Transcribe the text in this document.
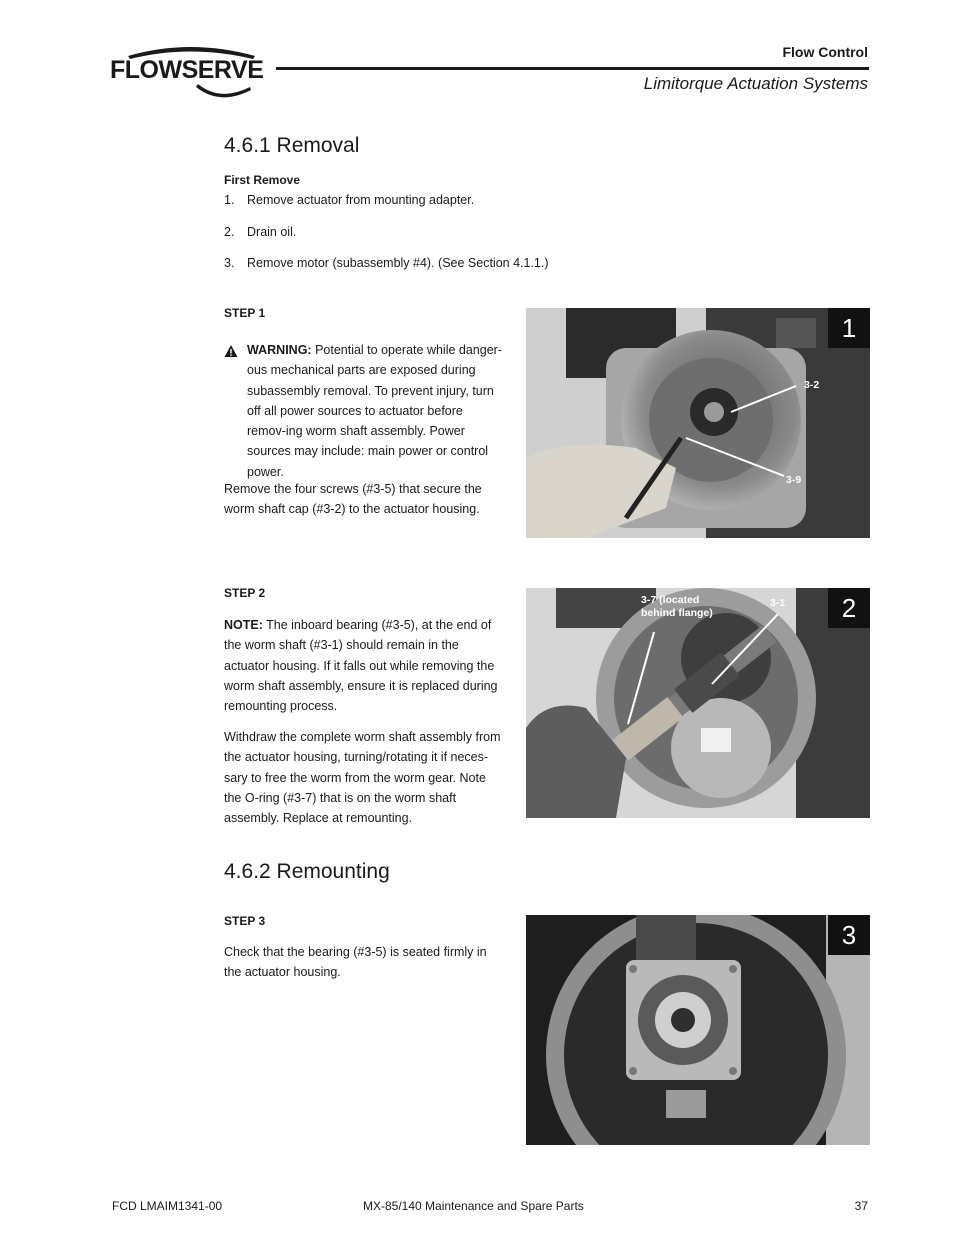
FLOWSERVE
Flow Control
Limitorque Actuation Systems
4.6.1 Removal
First Remove
1. Remove actuator from mounting adapter.
2. Drain oil.
3. Remove motor (subassembly #4). (See Section 4.1.1.)
STEP 1
WARNING: Potential to operate while danger-ous mechanical parts are exposed during subassembly removal. To prevent injury, turn off all power sources to actuator before remov-ing worm shaft assembly. Power sources may include: main power or control power.
Remove the four screws (#3-5) that secure the worm shaft cap (#3-2) to the actuator housing.
1
3-2
3-9
STEP 2
NOTE: The inboard bearing (#3-5), at the end of the worm shaft (#3-1) should remain in the actuator housing. If it falls out while removing the worm shaft assembly, ensure it is replaced during remounting process.
Withdraw the complete worm shaft assembly from the actuator housing, turning/rotating it if neces-sary to free the worm from the worm gear. Note the O-ring (#3-7) that is on the worm shaft assembly. Replace at remounting.
2
3-7 (located behind flange)
3-1
4.6.2 Remounting
STEP 3
Check that the bearing (#3-5) is seated firmly in the actuator housing.
3
FCD LMAIM1341-00	MX-85/140 Maintenance and Spare Parts	37
